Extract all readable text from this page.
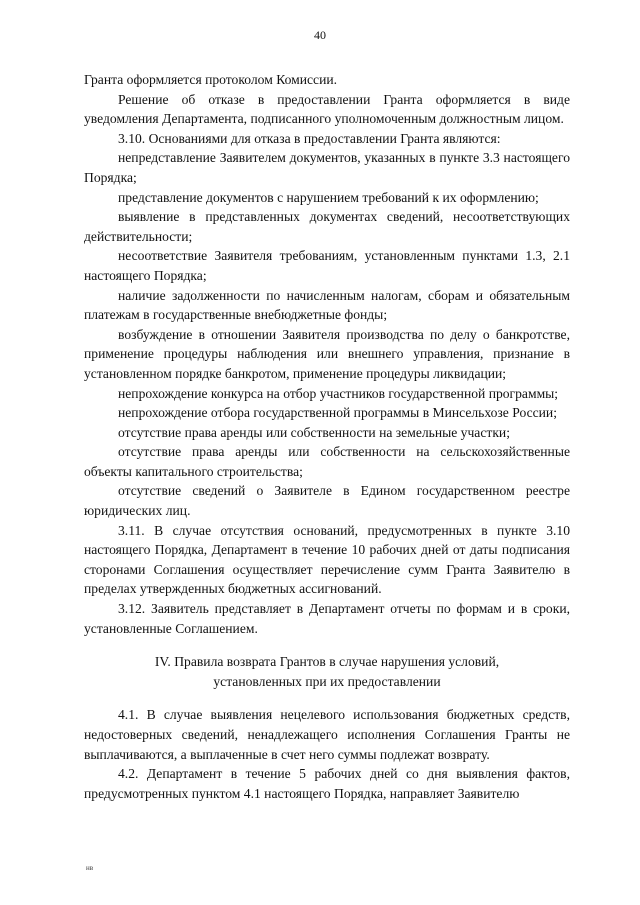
40

Гранта оформляется протоколом Комиссии.

Решение об отказе в предоставлении Гранта оформляется в виде уведомления Департамента, подписанного уполномоченным должностным лицом.

3.10. Основаниями для отказа в предоставлении Гранта являются:

непредставление Заявителем документов, указанных в пункте 3.3 настоящего Порядка;

представление документов с нарушением требований к их оформлению;

выявление в представленных документах сведений, несоответствующих действительности;

несоответствие Заявителя требованиям, установленным пунктами 1.3, 2.1 настоящего Порядка;

наличие задолженности по начисленным налогам, сборам и обязательным платежам в государственные внебюджетные фонды;

возбуждение в отношении Заявителя производства по делу о банкротстве, применение процедуры наблюдения или внешнего управления, признание в установленном порядке банкротом, применение процедуры ликвидации;

непрохождение конкурса на отбор участников государственной программы;

непрохождение отбора государственной программы в Минсельхозе России;

отсутствие права аренды или собственности на земельные участки;

отсутствие права аренды или собственности на сельскохозяйственные объекты капитального строительства;

отсутствие сведений о Заявителе в Едином государственном реестре юридических лиц.

3.11. В случае отсутствия оснований, предусмотренных в пункте 3.10 настоящего Порядка, Департамент в течение 10 рабочих дней от даты подписания сторонами Соглашения осуществляет перечисление сумм Гранта Заявителю в пределах утвержденных бюджетных ассигнований.

3.12. Заявитель представляет в Департамент отчеты по формам и в сроки, установленные Соглашением.

IV. Правила возврата Грантов в случае нарушения условий,

установленных при их предоставлении

4.1. В случае выявления нецелевого использования бюджетных средств, недостоверных сведений, ненадлежащего исполнения Соглашения Гранты не выплачиваются, а выплаченные в счет него суммы подлежат возврату.

4.2. Департамент в течение 5 рабочих дней со дня выявления фактов, предусмотренных пунктом 4.1 настоящего Порядка, направляет Заявителю

нв
